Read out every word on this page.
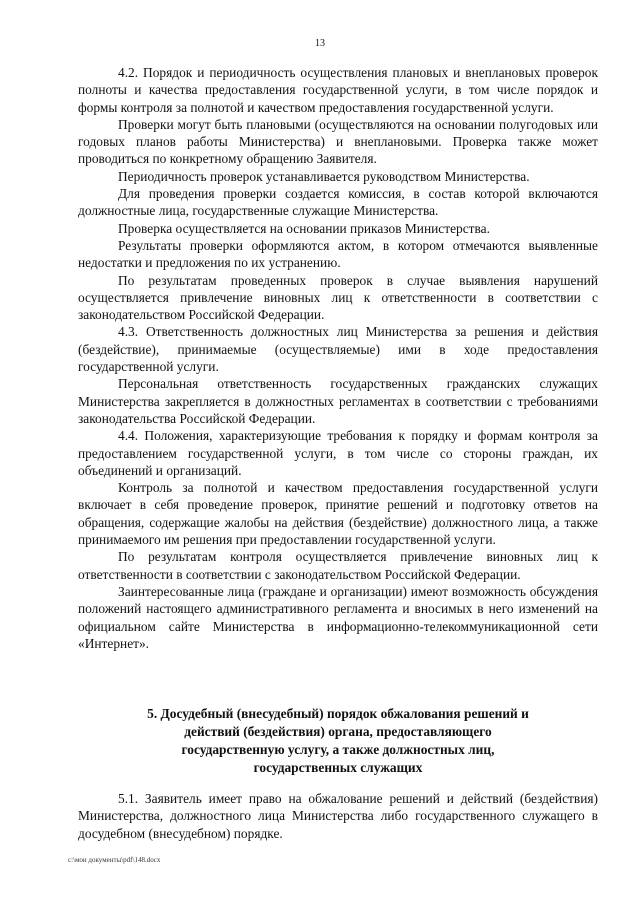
13

4.2. Порядок и периодичность осуществления плановых и внеплановых проверок полноты и качества предоставления государственной услуги, в том числе порядок и формы контроля за полнотой и качеством предоставления государственной услуги.

Проверки могут быть плановыми (осуществляются на основании полугодовых или годовых планов работы Министерства) и внеплановыми. Проверка также может проводиться по конкретному обращению Заявителя.

Периодичность проверок устанавливается руководством Министерства.

Для проведения проверки создается комиссия, в состав которой включаются должностные лица, государственные служащие Министерства.

Проверка осуществляется на основании приказов Министерства.

Результаты проверки оформляются актом, в котором отмечаются выявленные недостатки и предложения по их устранению.

По результатам проведенных проверок в случае выявления нарушений осуществляется привлечение виновных лиц к ответственности в соответствии с законодательством Российской Федерации.

4.3. Ответственность должностных лиц Министерства за решения и действия (бездействие), принимаемые (осуществляемые) ими в ходе предоставления государственной услуги.

Персональная ответственность государственных гражданских служащих Министерства закрепляется в должностных регламентах в соответствии с требованиями законодательства Российской Федерации.

4.4. Положения, характеризующие требования к порядку и формам контроля за предоставлением государственной услуги, в том числе со стороны граждан, их объединений и организаций.

Контроль за полнотой и качеством предоставления государственной услуги включает в себя проведение проверок, принятие решений и подготовку ответов на обращения, содержащие жалобы на действия (бездействие) должностного лица, а также принимаемого им решения при предоставлении государственной услуги.

По результатам контроля осуществляется привлечение виновных лиц к ответственности в соответствии с законодательством Российской Федерации.

Заинтересованные лица (граждане и организации) имеют возможность обсуждения положений настоящего административного регламента и вносимых в него изменений на официальном сайте Министерства в информационно-телекоммуникационной сети «Интернет».

5. Досудебный (внесудебный) порядок обжалования решений и
действий (бездействия) органа, предоставляющего
государственную услугу, а также должностных лиц,
государственных служащих

5.1. Заявитель имеет право на обжалование решений и действий (бездействия) Министерства, должностного лица Министерства либо государственного служащего в досудебном (внесудебном) порядке.

c:\мои документы\pdf\148.docx
